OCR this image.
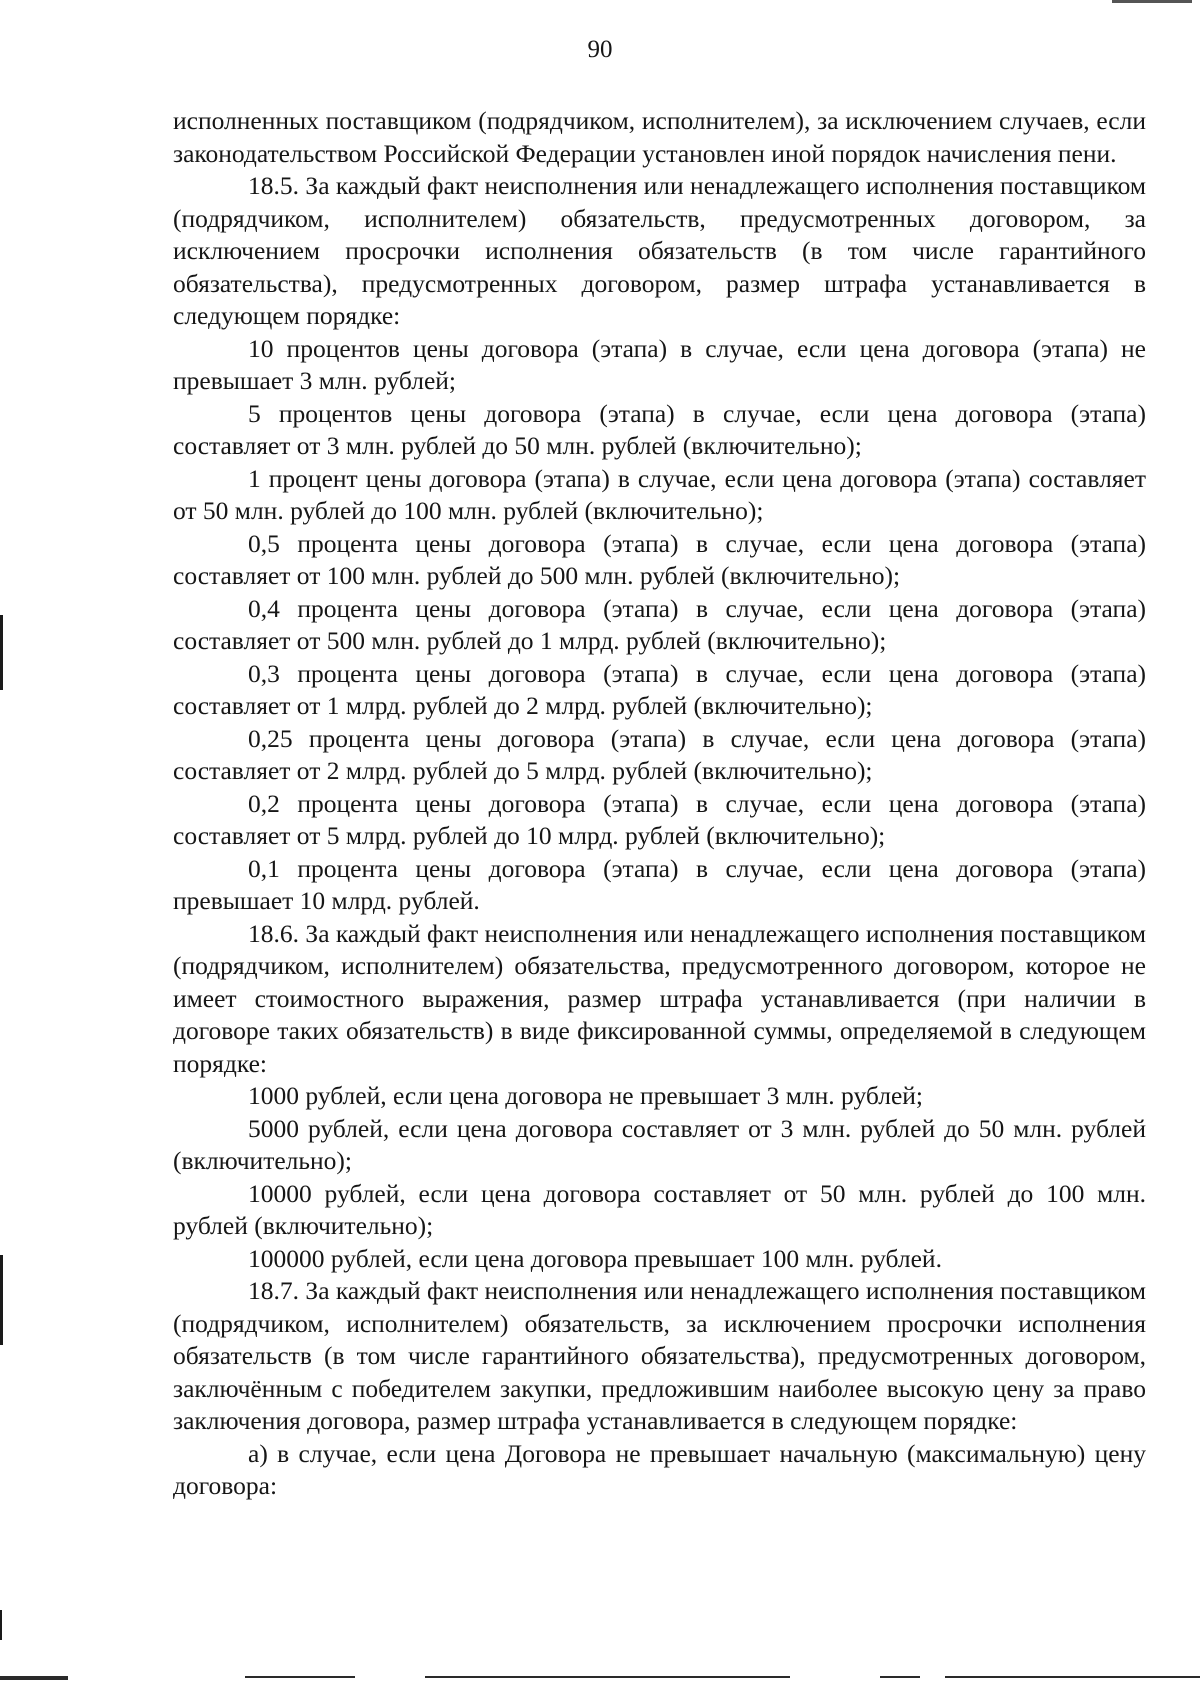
90

исполненных поставщиком (подрядчиком, исполнителем), за исключением случаев, если законодательством Российской Федерации установлен иной порядок начисления пени.

18.5. За каждый факт неисполнения или ненадлежащего исполнения поставщиком (подрядчиком, исполнителем) обязательств, предусмотренных договором, за исключением просрочки исполнения обязательств (в том числе гарантийного обязательства), предусмотренных договором, размер штрафа устанавливается в следующем порядке:

10 процентов цены договора (этапа) в случае, если цена договора (этапа) не превышает 3 млн. рублей;

5 процентов цены договора (этапа) в случае, если цена договора (этапа) составляет от 3 млн. рублей до 50 млн. рублей (включительно);

1 процент цены договора (этапа) в случае, если цена договора (этапа) составляет от 50 млн. рублей до 100 млн. рублей (включительно);

0,5 процента цены договора (этапа) в случае, если цена договора (этапа) составляет от 100 млн. рублей до 500 млн. рублей (включительно);

0,4 процента цены договора (этапа) в случае, если цена договора (этапа) составляет от 500 млн. рублей до 1 млрд. рублей (включительно);

0,3 процента цены договора (этапа) в случае, если цена договора (этапа) составляет от 1 млрд. рублей до 2 млрд. рублей (включительно);

0,25 процента цены договора (этапа) в случае, если цена договора (этапа) составляет от 2 млрд. рублей до 5 млрд. рублей (включительно);

0,2 процента цены договора (этапа) в случае, если цена договора (этапа) составляет от 5 млрд. рублей до 10 млрд. рублей (включительно);

0,1 процента цены договора (этапа) в случае, если цена договора (этапа) превышает 10 млрд. рублей.

18.6. За каждый факт неисполнения или ненадлежащего исполнения поставщиком (подрядчиком, исполнителем) обязательства, предусмотренного договором, которое не имеет стоимостного выражения, размер штрафа устанавливается (при наличии в договоре таких обязательств) в виде фиксированной суммы, определяемой в следующем порядке:

1000 рублей, если цена договора не превышает 3 млн. рублей;

5000 рублей, если цена договора составляет от 3 млн. рублей до 50 млн. рублей (включительно);

10000 рублей, если цена договора составляет от 50 млн. рублей до 100 млн. рублей (включительно);

100000 рублей, если цена договора превышает 100 млн. рублей.

18.7. За каждый факт неисполнения или ненадлежащего исполнения поставщиком (подрядчиком, исполнителем) обязательств, за исключением просрочки исполнения обязательств (в том числе гарантийного обязательства), предусмотренных договором, заключённым с победителем закупки, предложившим наиболее высокую цену за право заключения договора, размер штрафа устанавливается в следующем порядке:

а) в случае, если цена Договора не превышает начальную (максимальную) цену договора:
